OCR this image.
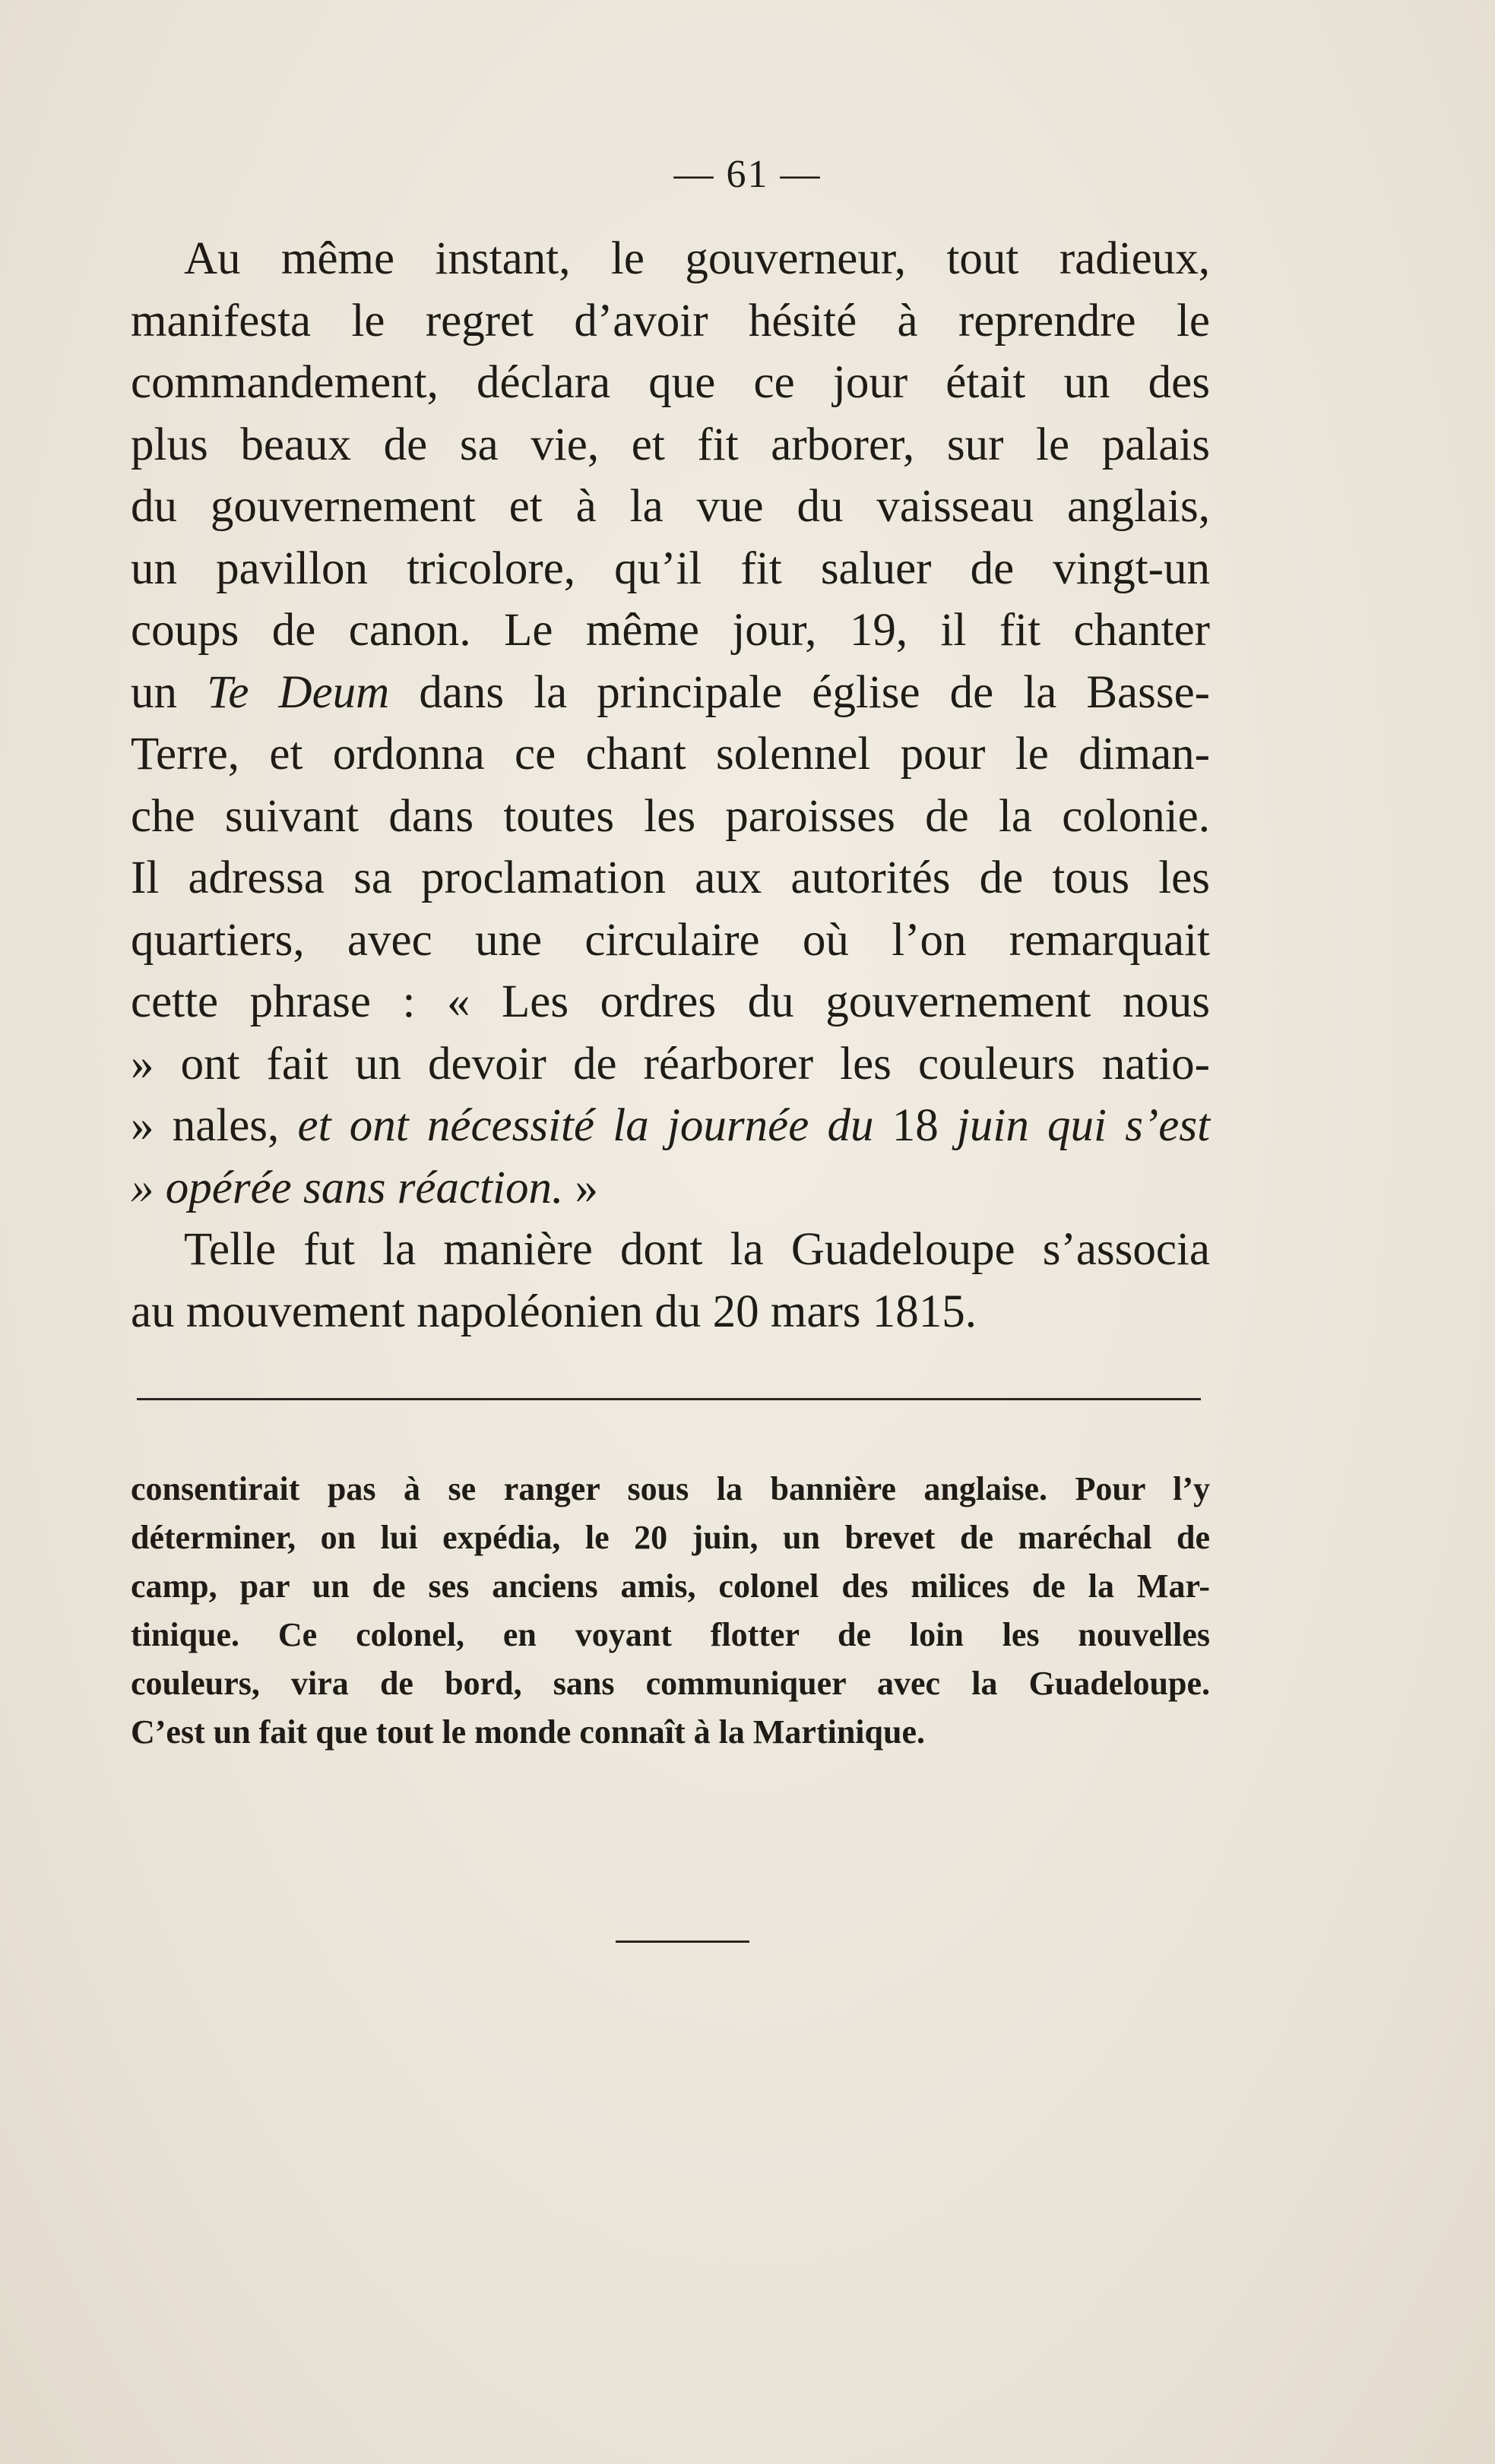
— 61 —
Au même instant, le gouverneur, tout radieux,
manifesta le regret d’avoir hésité à reprendre le
commandement, déclara que ce jour était un des
plus beaux de sa vie, et fit arborer, sur le palais
du gouvernement et à la vue du vaisseau anglais,
un pavillon tricolore, qu’il fit saluer de vingt-un
coups de canon. Le même jour, 19, il fit chanter
un Te Deum dans la principale église de la Basse-
Terre, et ordonna ce chant solennel pour le diman-
che suivant dans toutes les paroisses de la colonie.
Il adressa sa proclamation aux autorités de tous les
quartiers, avec une circulaire où l’on remarquait
cette phrase : « Les ordres du gouvernement nous
» ont fait un devoir de réarborer les couleurs natio-
» nales, et ont nécessité la journée du 18 juin qui s’est
» opérée sans réaction. »
Telle fut la manière dont la Guadeloupe s’associa
au mouvement napoléonien du 20 mars 1815.
consentirait pas à se ranger sous la bannière anglaise. Pour l’y
déterminer, on lui expédia, le 20 juin, un brevet de maréchal de
camp, par un de ses anciens amis, colonel des milices de la Mar-
tinique. Ce colonel, en voyant flotter de loin les nouvelles
couleurs, vira de bord, sans communiquer avec la Guadeloupe.
C’est un fait que tout le monde connaît à la Martinique.
